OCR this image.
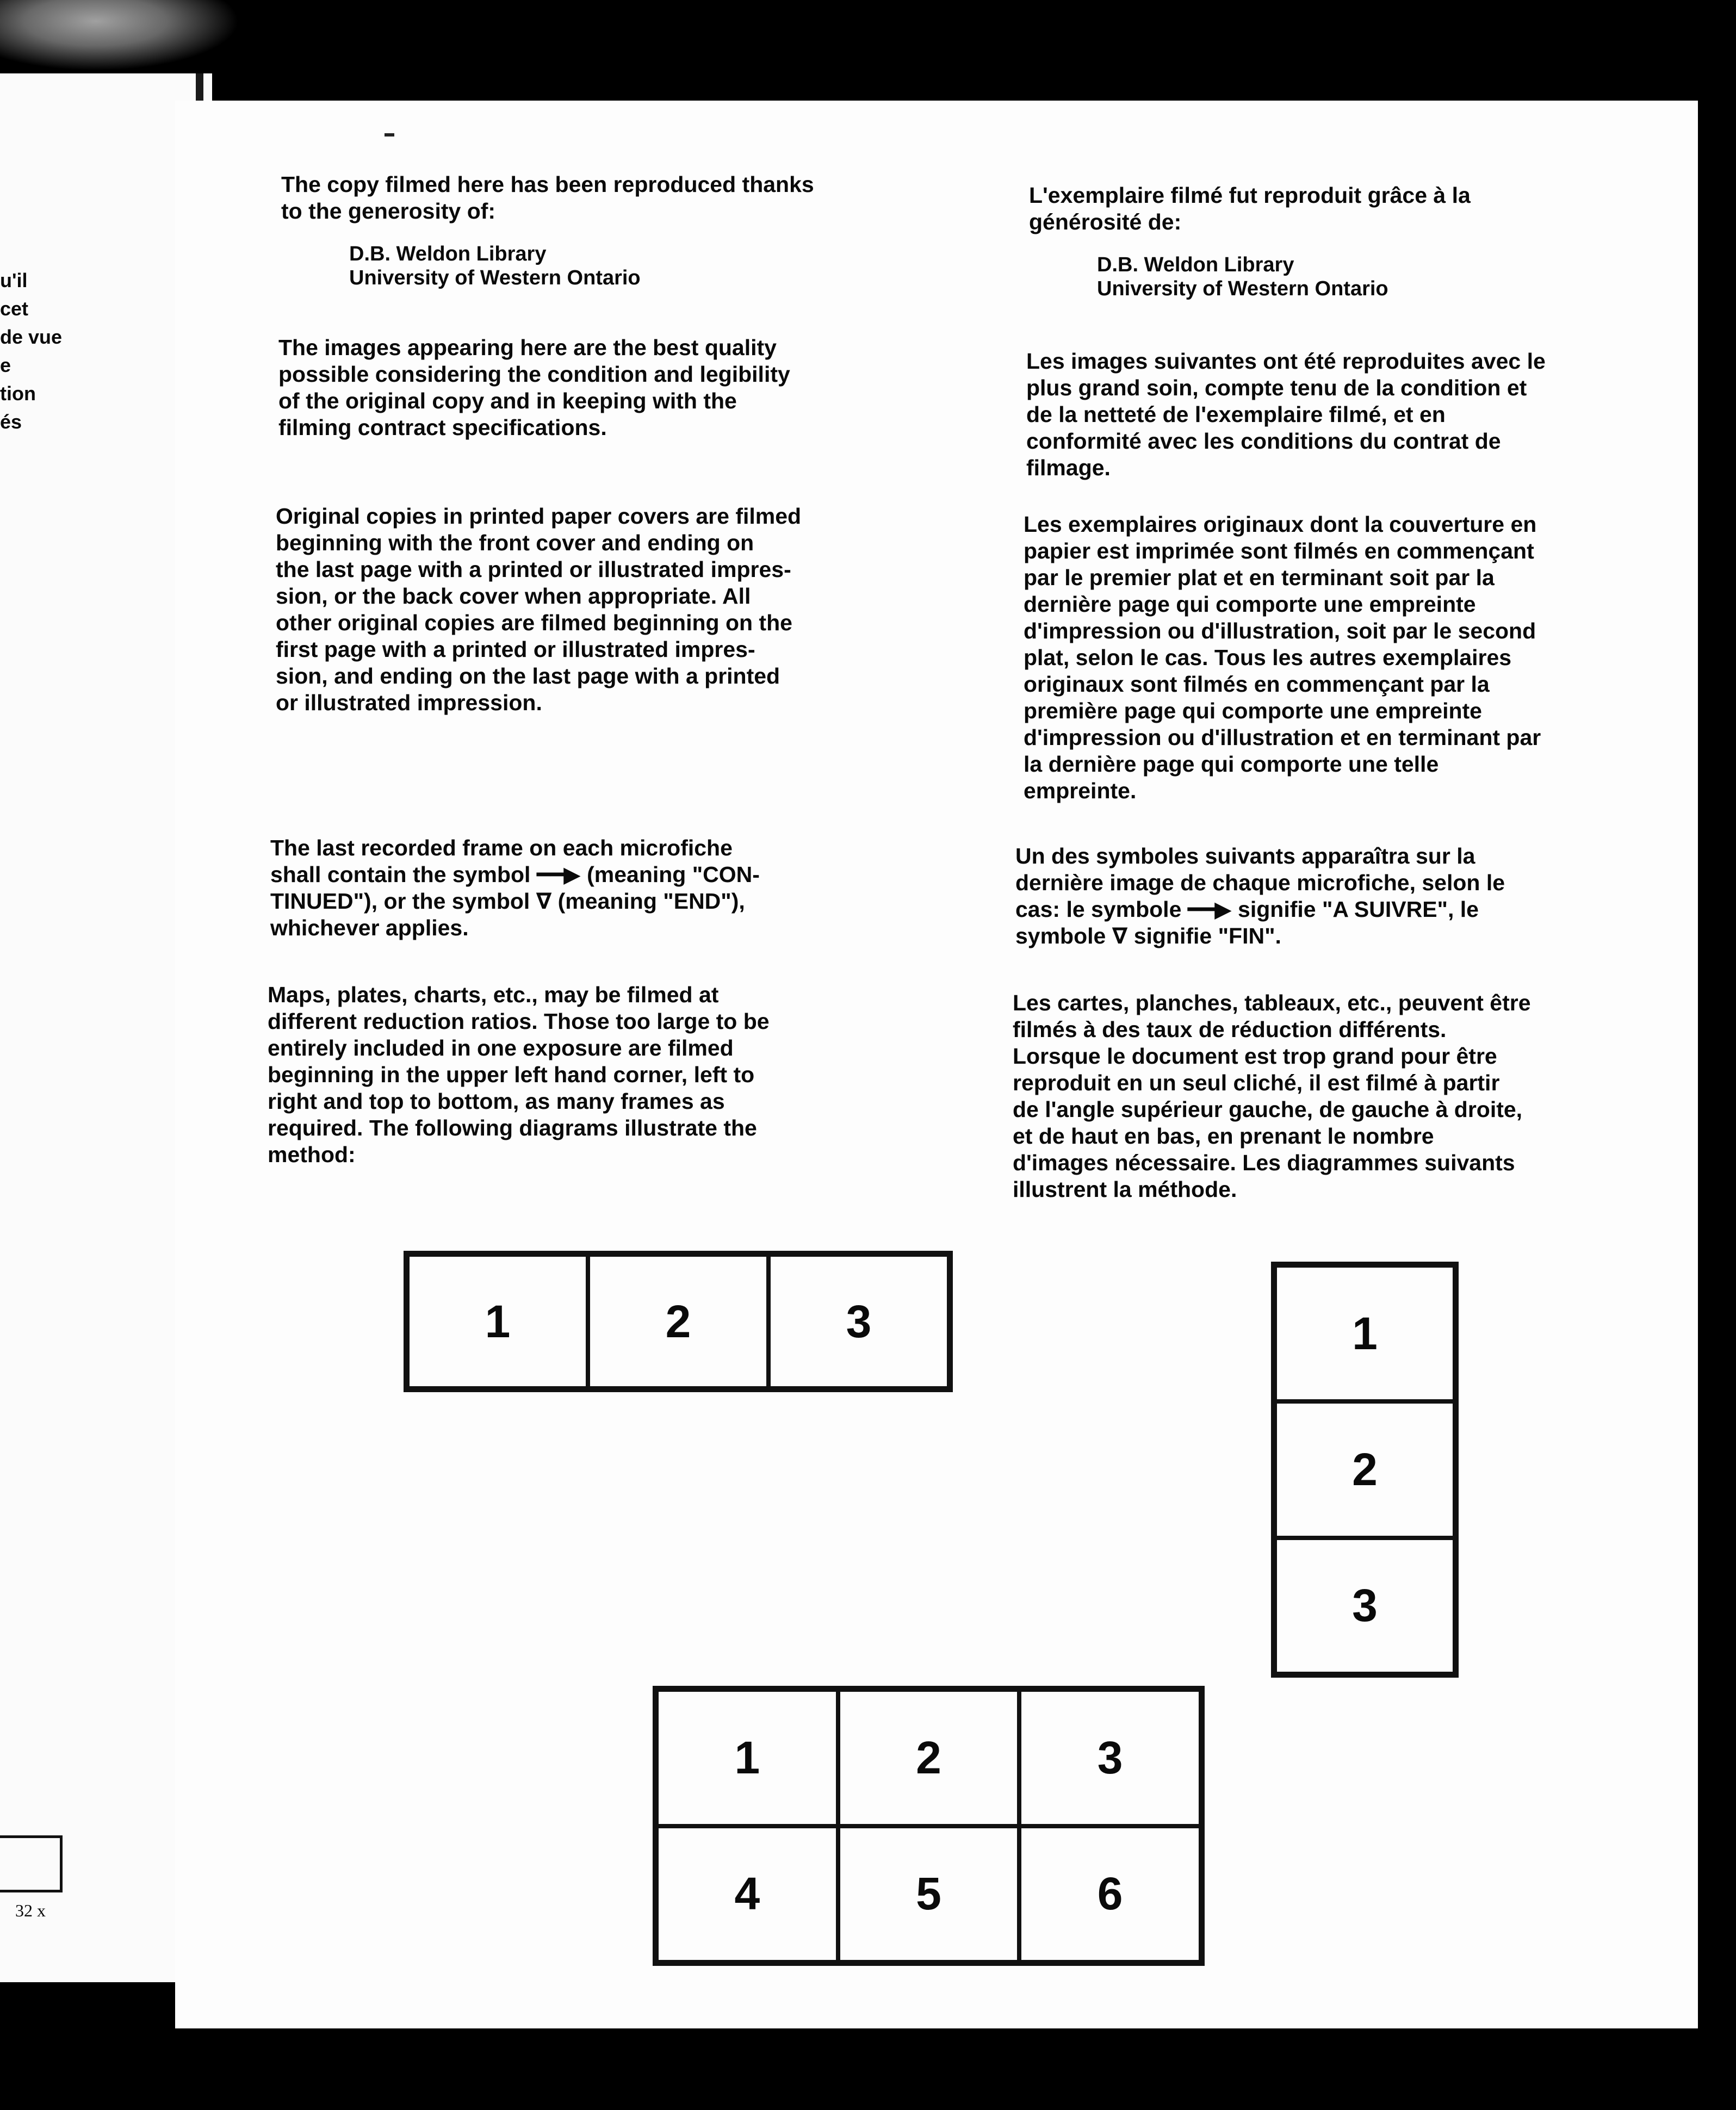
u'il
cet
de vue
e
tion
és
32 x

The copy filmed here has been reproduced thanks
to the generosity of:

D.B. Weldon Library
University of Western Ontario

The images appearing here are the best quality
possible considering the condition and legibility
of the original copy and in keeping with the
filming contract specifications.

Original copies in printed paper covers are filmed
beginning with the front cover and ending on
the last page with a printed or illustrated impres-
sion, or the back cover when appropriate. All
other original copies are filmed beginning on the
first page with a printed or illustrated impres-
sion, and ending on the last page with a printed
or illustrated impression.

The last recorded frame on each microfiche
shall contain the symbol ━━▶ (meaning "CON-
TINUED"), or the symbol ∇ (meaning "END"),
whichever applies.

Maps, plates, charts, etc., may be filmed at
different reduction ratios. Those too large to be
entirely included in one exposure are filmed
beginning in the upper left hand corner, left to
right and top to bottom, as many frames as
required. The following diagrams illustrate the
method:

L'exemplaire filmé fut reproduit grâce à la
générosité de:

D.B. Weldon Library
University of Western Ontario

Les images suivantes ont été reproduites avec le
plus grand soin, compte tenu de la condition et
de la netteté de l'exemplaire filmé, et en
conformité avec les conditions du contrat de
filmage.

Les exemplaires originaux dont la couverture en
papier est imprimée sont filmés en commençant
par le premier plat et en terminant soit par la
dernière page qui comporte une empreinte
d'impression ou d'illustration, soit par le second
plat, selon le cas. Tous les autres exemplaires
originaux sont filmés en commençant par la
première page qui comporte une empreinte
d'impression ou d'illustration et en terminant par
la dernière page qui comporte une telle
empreinte.

Un des symboles suivants apparaîtra sur la
dernière image de chaque microfiche, selon le
cas: le symbole ━━▶ signifie "A SUIVRE", le
symbole ∇ signifie "FIN".

Les cartes, planches, tableaux, etc., peuvent être
filmés à des taux de réduction différents.
Lorsque le document est trop grand pour être
reproduit en un seul cliché, il est filmé à partir
de l'angle supérieur gauche, de gauche à droite,
et de haut en bas, en prenant le nombre
d'images nécessaire. Les diagrammes suivants
illustrent la méthode.

1	2	3	1
2
3
1	2	3
4	5	6
